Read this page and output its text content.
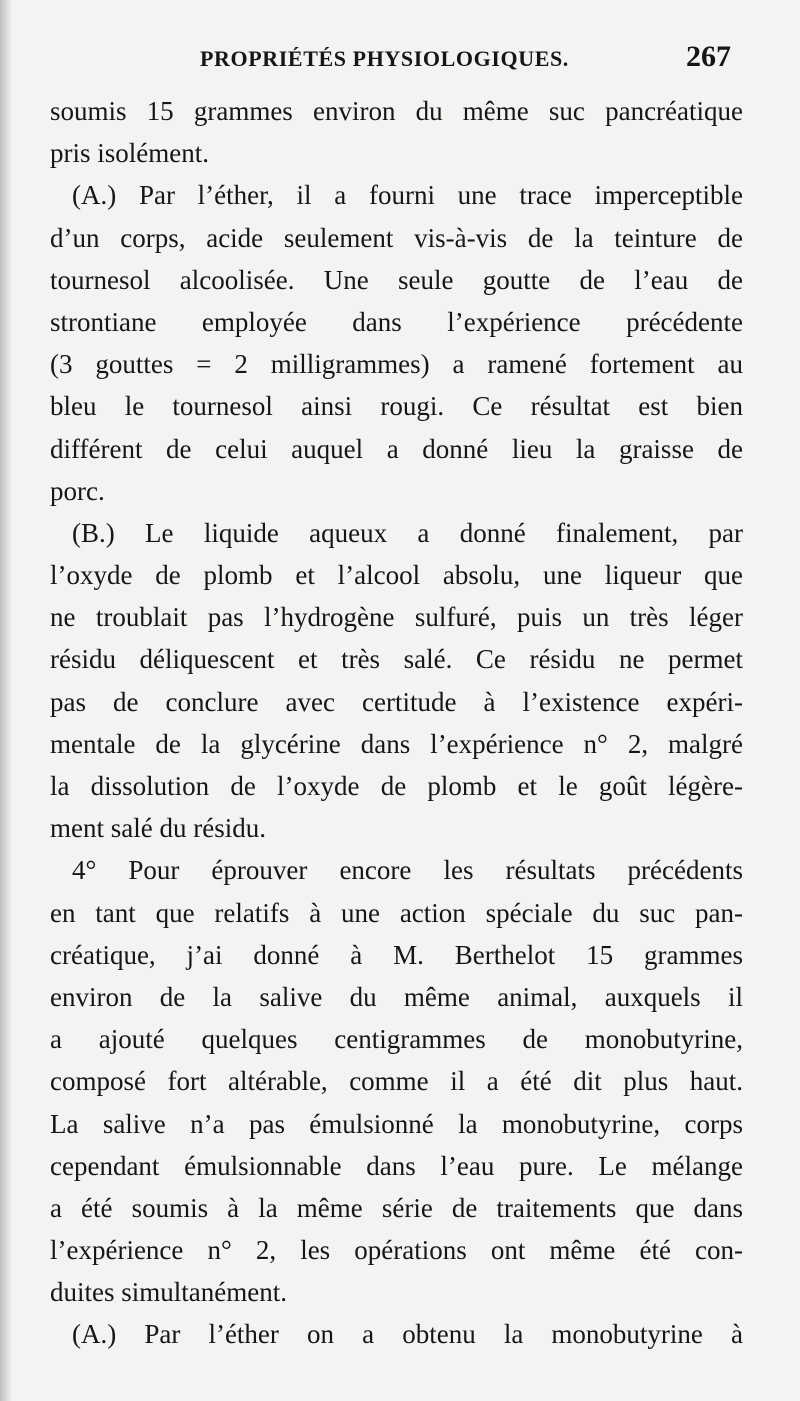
PROPRIÉTÉS PHYSIOLOGIQUES.	267
soumis 15 grammes environ du même suc pancréatique
pris isolément.
(A.) Par l’éther, il a fourni une trace imperceptible
d’un corps, acide seulement vis-à-vis de la teinture de
tournesol alcoolisée. Une seule goutte de l’eau de
strontiane employée dans l’expérience précédente
(3 gouttes = 2 milligrammes) a ramené fortement au
bleu le tournesol ainsi rougi. Ce résultat est bien
différent de celui auquel a donné lieu la graisse de
porc.
(B.) Le liquide aqueux a donné finalement, par
l’oxyde de plomb et l’alcool absolu, une liqueur que
ne troublait pas l’hydrogène sulfuré, puis un très léger
résidu déliquescent et très salé. Ce résidu ne permet
pas de conclure avec certitude à l’existence expéri-
mentale de la glycérine dans l’expérience n° 2, malgré
la dissolution de l’oxyde de plomb et le goût légère-
ment salé du résidu.
4° Pour éprouver encore les résultats précédents
en tant que relatifs à une action spéciale du suc pan-
créatique, j’ai donné à M. Berthelot 15 grammes
environ de la salive du même animal, auxquels il
a ajouté quelques centigrammes de monobutyrine,
composé fort altérable, comme il a été dit plus haut.
La salive n’a pas émulsionné la monobutyrine, corps
cependant émulsionnable dans l’eau pure. Le mélange
a été soumis à la même série de traitements que dans
l’expérience n° 2, les opérations ont même été con-
duites simultanément.
(A.) Par l’éther on a obtenu la monobutyrine à
